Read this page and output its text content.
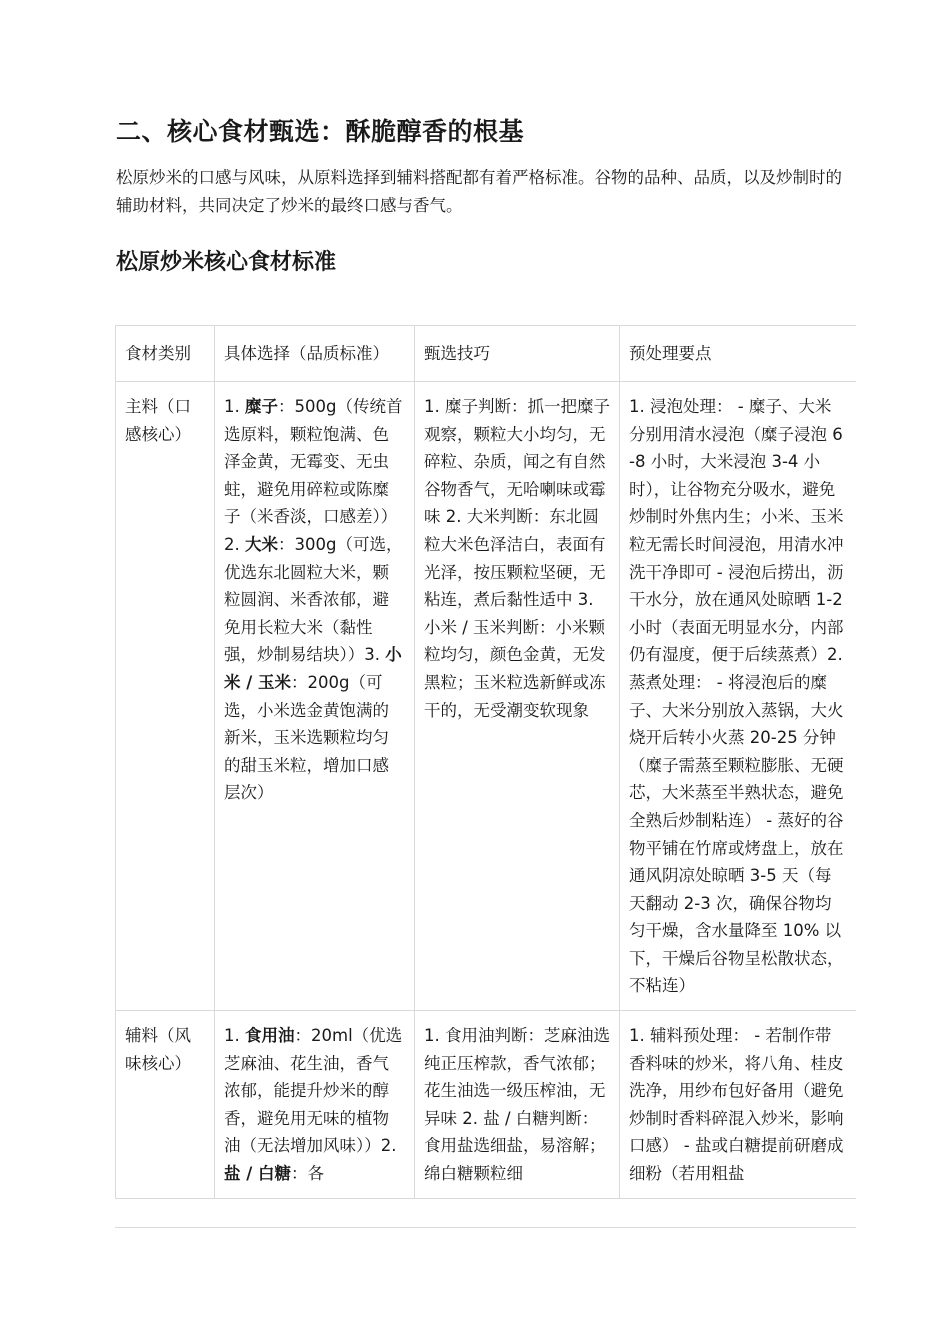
二、核心食材甄选：酥脆醇香的根基

松原炒米的口感与风味，从原料选择到辅料搭配都有着严格标准。谷物的品种、品质，以及炒制时的辅助材料，共同决定了炒米的最终口感与香气。

松原炒米核心食材标准
食材类别	具体选择（品质标准）	甄选技巧	预处理要点
主料（口感核心）	1. 糜子：500g（传统首选原料，颗粒饱满、色泽金黄，无霉变、无虫蛀，避免用碎粒或陈糜子（米香淡，口感差））2. 大米：300g（可选，优选东北圆粒大米，颗粒圆润、米香浓郁，避免用长粒大米（黏性强，炒制易结块））3. 小米 / 玉米：200g（可选，小米选金黄饱满的新米，玉米选颗粒均匀的甜玉米粒，增加口感层次）	1. 糜子判断：抓一把糜子观察，颗粒大小均匀，无碎粒、杂质，闻之有自然谷物香气，无哈喇味或霉味 2. 大米判断：东北圆粒大米色泽洁白，表面有光泽，按压颗粒坚硬，无粘连，煮后黏性适中 3. 小米 / 玉米判断：小米颗粒均匀，颜色金黄，无发黑粒；玉米粒选新鲜或冻干的，无受潮变软现象	1. 浸泡处理： - 糜子、大米分别用清水浸泡（糜子浸泡 6-8 小时，大米浸泡 3-4 小时），让谷物充分吸水，避免炒制时外焦内生；小米、玉米粒无需长时间浸泡，用清水冲洗干净即可 - 浸泡后捞出，沥干水分，放在通风处晾晒 1-2 小时（表面无明显水分，内部仍有湿度，便于后续蒸煮）2. 蒸煮处理： - 将浸泡后的糜子、大米分别放入蒸锅，大火烧开后转小火蒸 20-25 分钟（糜子需蒸至颗粒膨胀、无硬芯，大米蒸至半熟状态，避免全熟后炒制粘连） - 蒸好的谷物平铺在竹席或烤盘上，放在通风阴凉处晾晒 3-5 天（每天翻动 2-3 次，确保谷物均匀干燥，含水量降至 10% 以下，干燥后谷物呈松散状态，不粘连）
辅料（风味核心）	1. 食用油：20ml（优选芝麻油、花生油，香气浓郁，能提升炒米的醇香，避免用无味的植物油（无法增加风味））2. 盐 / 白糖：各	1. 食用油判断：芝麻油选纯正压榨款，香气浓郁；花生油选一级压榨油，无异味 2. 盐 / 白糖判断：食用盐选细盐，易溶解；绵白糖颗粒细	1. 辅料预处理： - 若制作带香料味的炒米，将八角、桂皮洗净，用纱布包好备用（避免炒制时香料碎混入炒米，影响口感） - 盐或白糖提前研磨成细粉（若用粗盐
